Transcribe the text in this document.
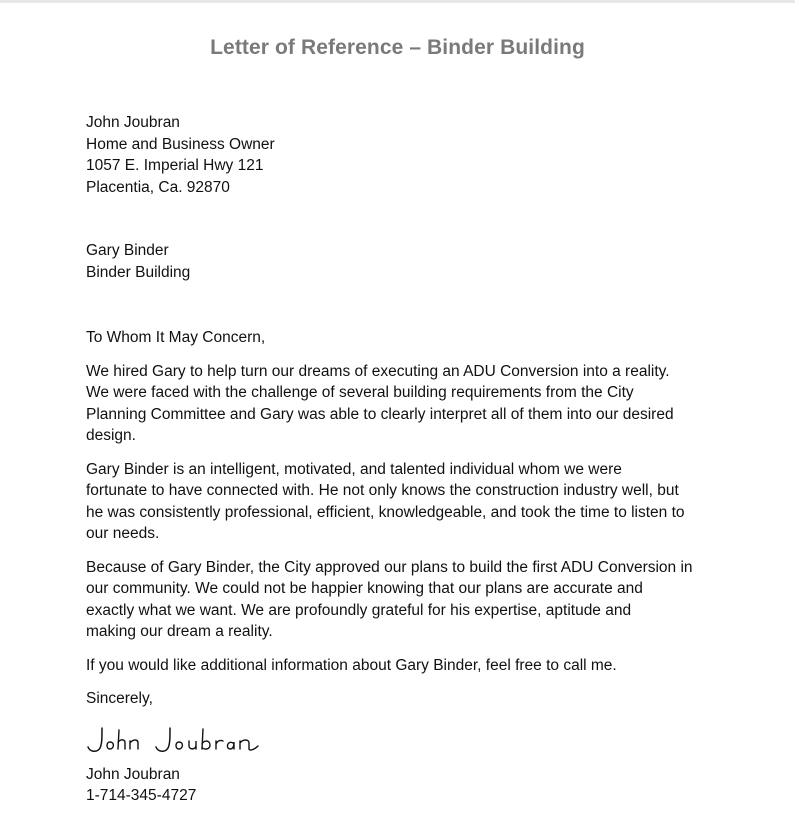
Letter of Reference – Binder Building
John Joubran
Home and Business Owner
1057 E. Imperial Hwy 121
Placentia, Ca. 92870
Gary Binder
Binder Building

To Whom It May Concern,

We hired Gary to help turn our dreams of executing an ADU Conversion into a reality.
We were faced with the challenge of several building requirements from the City
Planning Committee and Gary was able to clearly interpret all of them into our desired
design.

Gary Binder is an intelligent, motivated, and talented individual whom we were
fortunate to have connected with. He not only knows the construction industry well, but
he was consistently professional, efficient, knowledgeable, and took the time to listen to
our needs.

Because of Gary Binder, the City approved our plans to build the first ADU Conversion in
our community. We could not be happier knowing that our plans are accurate and
exactly what we want. We are profoundly grateful for his expertise, aptitude and
making our dream a reality.

If you would like additional information about Gary Binder, feel free to call me.

Sincerely,

John Joubran
1-714-345-4727
